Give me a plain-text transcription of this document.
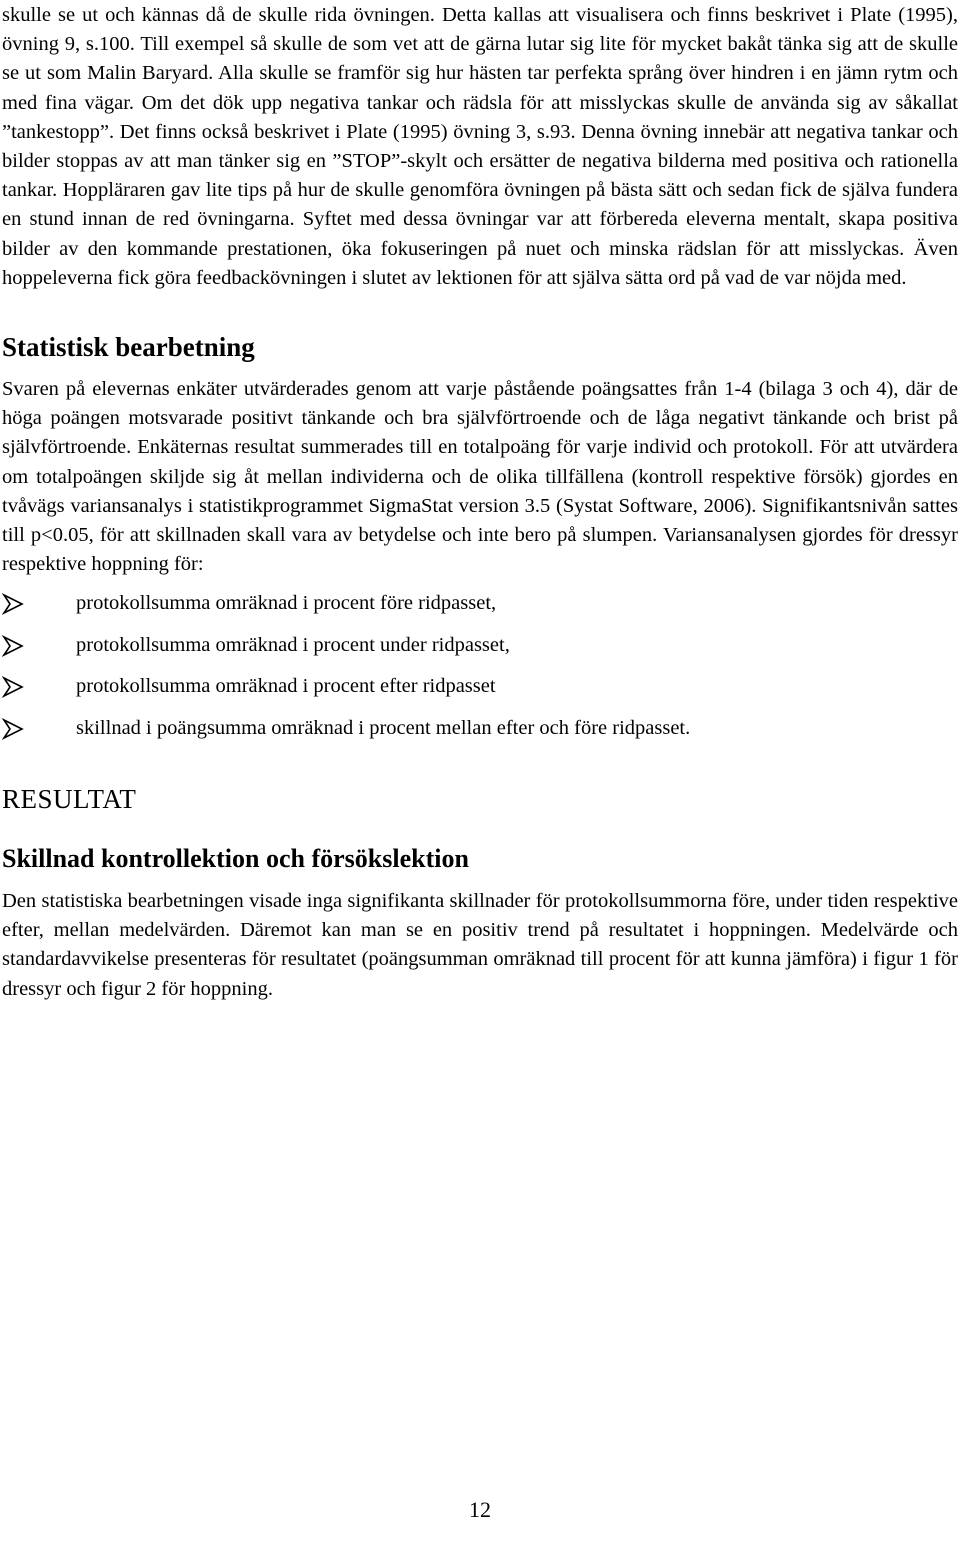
skulle se ut och kännas då de skulle rida övningen. Detta kallas att visualisera och finns beskrivet i Plate (1995), övning 9, s.100. Till exempel så skulle de som vet att de gärna lutar sig lite för mycket bakåt tänka sig att de skulle se ut som Malin Baryard. Alla skulle se framför sig hur hästen tar perfekta språng över hindren i en jämn rytm och med fina vägar. Om det dök upp negativa tankar och rädsla för att misslyckas skulle de använda sig av såkallat ”tankestopp”. Det finns också beskrivet i Plate (1995) övning 3, s.93. Denna övning innebär att negativa tankar och bilder stoppas av att man tänker sig en ”STOP”-skylt och ersätter de negativa bilderna med positiva och rationella tankar. Hoppläraren gav lite tips på hur de skulle genomföra övningen på bästa sätt och sedan fick de själva fundera en stund innan de red övningarna. Syftet med dessa övningar var att förbereda eleverna mentalt, skapa positiva bilder av den kommande prestationen, öka fokuseringen på nuet och minska rädslan för att misslyckas. Även hoppeleverna fick göra feedbackövningen i slutet av lektionen för att själva sätta ord på vad de var nöjda med.

Statistisk bearbetning

Svaren på elevernas enkäter utvärderades genom att varje påstående poängsattes från 1-4 (bilaga 3 och 4), där de höga poängen motsvarade positivt tänkande och bra självförtroende och de låga negativt tänkande och brist på självförtroende. Enkäternas resultat summerades till en totalpoäng för varje individ och protokoll. För att utvärdera om totalpoängen skiljde sig åt mellan individerna och de olika tillfällena (kontroll respektive försök) gjordes en tvåvägs variansanalys i statistikprogrammet SigmaStat version 3.5 (Systat Software, 2006). Signifikantsnivån sattes till p<0.05, för att skillnaden skall vara av betydelse och inte bero på slumpen. Variansanalysen gjordes för dressyr respektive hoppning för:

protokollsumma omräknad i procent före ridpasset,
protokollsumma omräknad i procent under ridpasset,
protokollsumma omräknad i procent efter ridpasset
skillnad i poängsumma omräknad i procent mellan efter och före ridpasset.
RESULTAT
Skillnad kontrollektion och försökslektion

Den statistiska bearbetningen visade inga signifikanta skillnader för protokollsummorna före, under tiden respektive efter, mellan medelvärden. Däremot kan man se en positiv trend på resultatet i hoppningen. Medelvärde och standardavvikelse presenteras för resultatet (poängsumman omräknad till procent för att kunna jämföra) i figur 1 för dressyr och figur 2 för hoppning.

12
